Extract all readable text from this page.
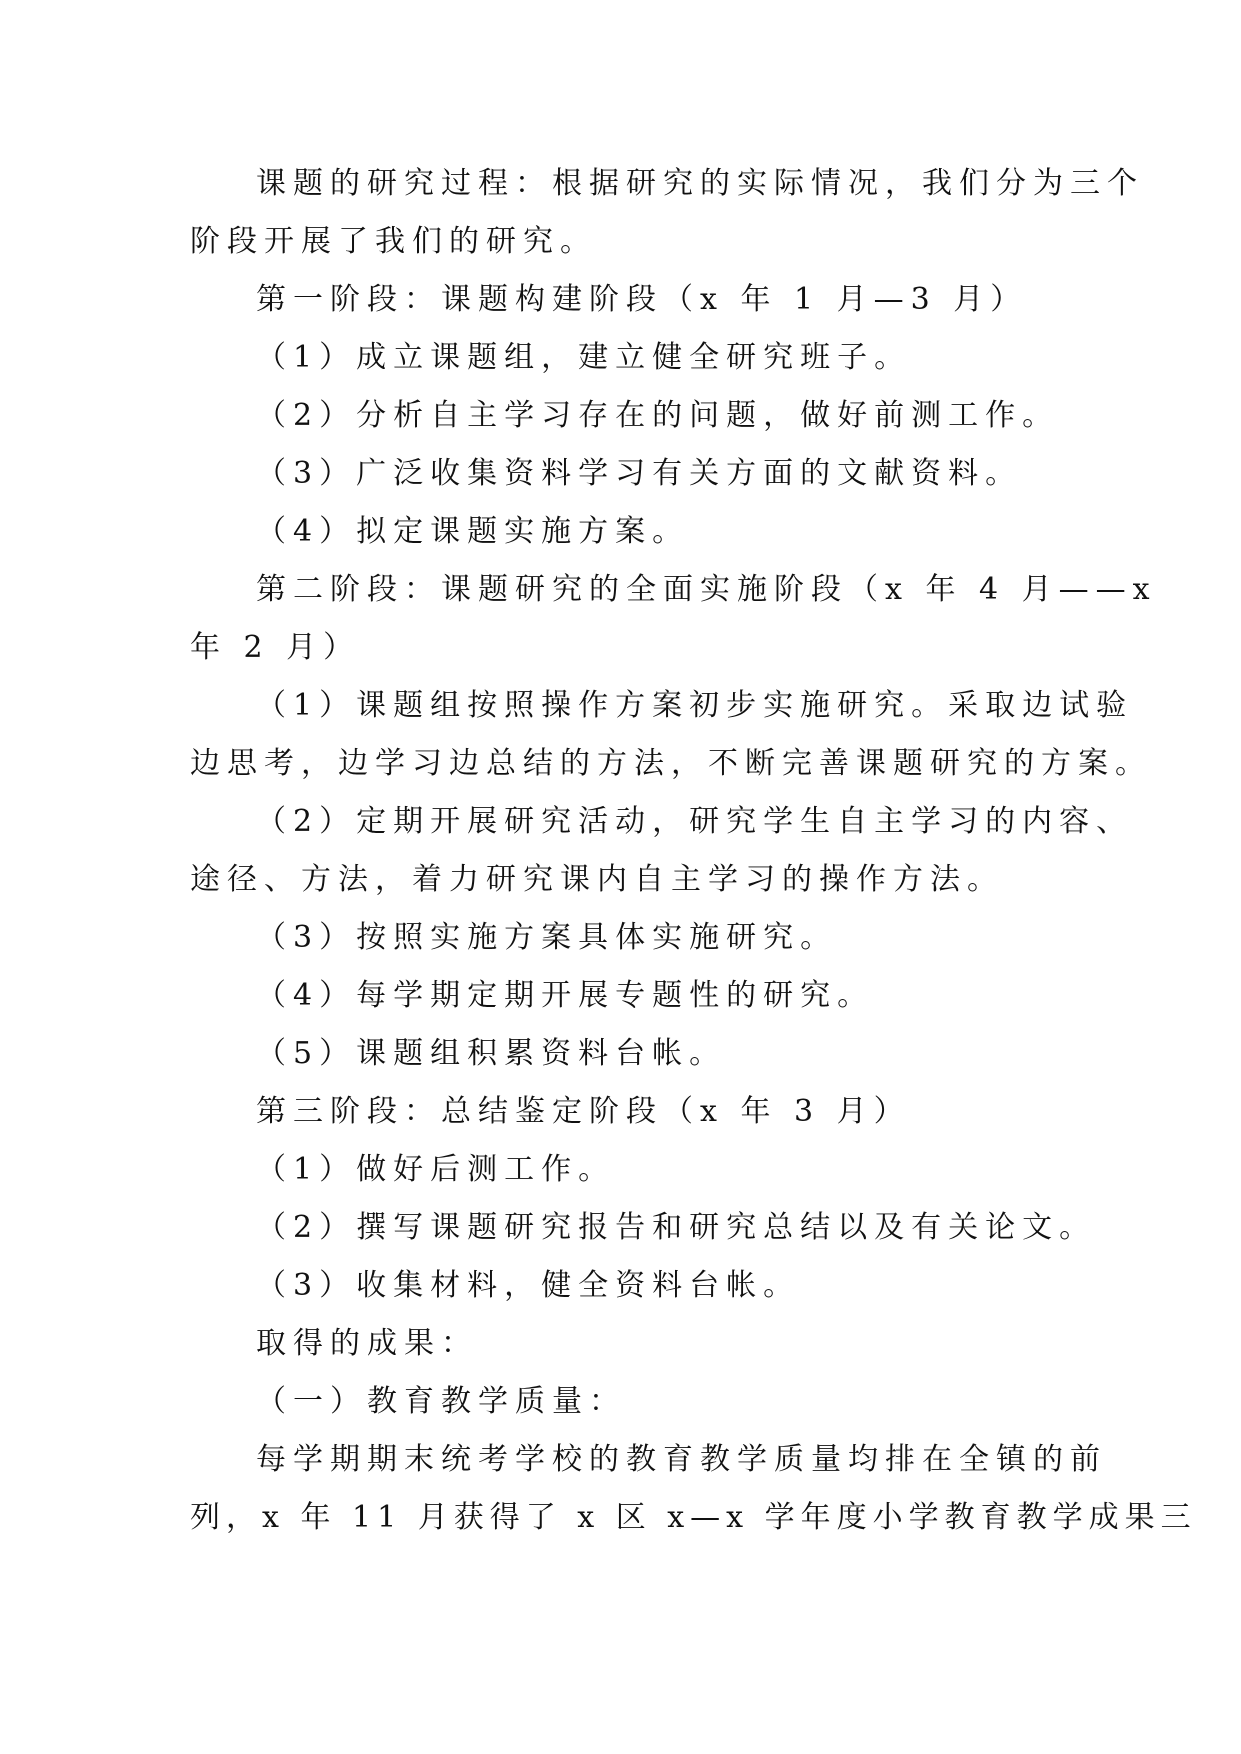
课题的研究过程：根据研究的实际情况，我们分为三个
阶段开展了我们的研究。
第一阶段：课题构建阶段（x 年 1 月—3 月）
（1）成立课题组，建立健全研究班子。
（2）分析自主学习存在的问题，做好前测工作。
（3）广泛收集资料学习有关方面的文献资料。
（4）拟定课题实施方案。
第二阶段：课题研究的全面实施阶段（x 年 4 月——x
年 2 月）
（1）课题组按照操作方案初步实施研究。采取边试验
边思考，边学习边总结的方法，不断完善课题研究的方案。
（2）定期开展研究活动，研究学生自主学习的内容、
途径、方法，着力研究课内自主学习的操作方法。
（3）按照实施方案具体实施研究。
（4）每学期定期开展专题性的研究。
（5）课题组积累资料台帐。
第三阶段：总结鉴定阶段（x 年 3 月）
（1）做好后测工作。
（2）撰写课题研究报告和研究总结以及有关论文。
（3）收集材料，健全资料台帐。
取得的成果：
（一）教育教学质量：
每学期期末统考学校的教育教学质量均排在全镇的前
列，x 年 11 月获得了 x 区 x—x 学年度小学教育教学成果三
